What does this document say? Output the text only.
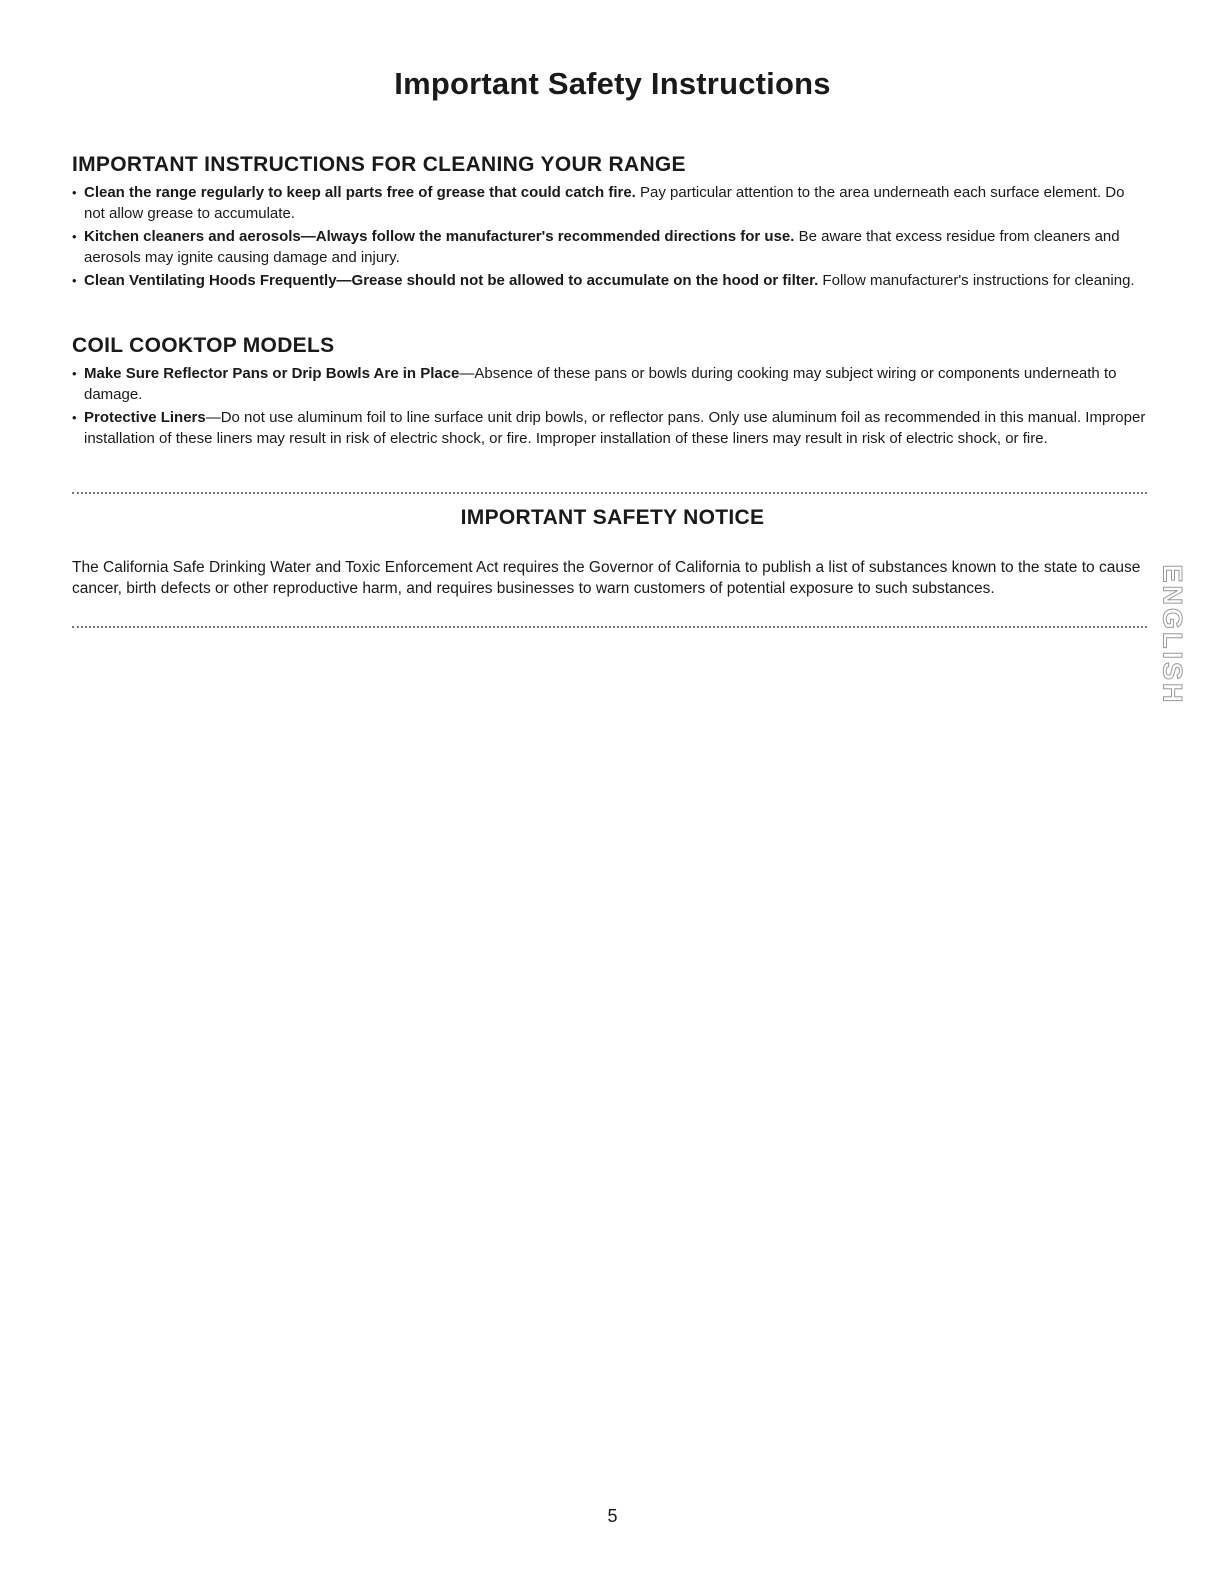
Important Safety Instructions
IMPORTANT INSTRUCTIONS FOR CLEANING YOUR RANGE
• Clean the range regularly to keep all parts free of grease that could catch fire. Pay particular attention to the area underneath each surface element. Do not allow grease to accumulate.
• Kitchen cleaners and aerosols—Always follow the manufacturer's recommended directions for use. Be aware that excess residue from cleaners and aerosols may ignite causing damage and injury.
• Clean Ventilating Hoods Frequently—Grease should not be allowed to accumulate on the hood or filter. Follow manufacturer's instructions for cleaning.
COIL COOKTOP MODELS
• Make Sure Reflector Pans or Drip Bowls Are in Place—Absence of these pans or bowls during cooking may subject wiring or components underneath to damage.
• Protective Liners—Do not use aluminum foil to line surface unit drip bowls, or reflector pans. Only use aluminum foil as recommended in this manual. Improper installation of these liners may result in risk of electric shock, or fire. Improper installation of these liners may result in risk of electric shock, or fire.
IMPORTANT SAFETY NOTICE

The California Safe Drinking Water and Toxic Enforcement Act requires the Governor of California to publish a list of substances known to the state to cause cancer, birth defects or other reproductive harm, and requires businesses to warn customers of potential exposure to such substances.	ENGLISH

5
